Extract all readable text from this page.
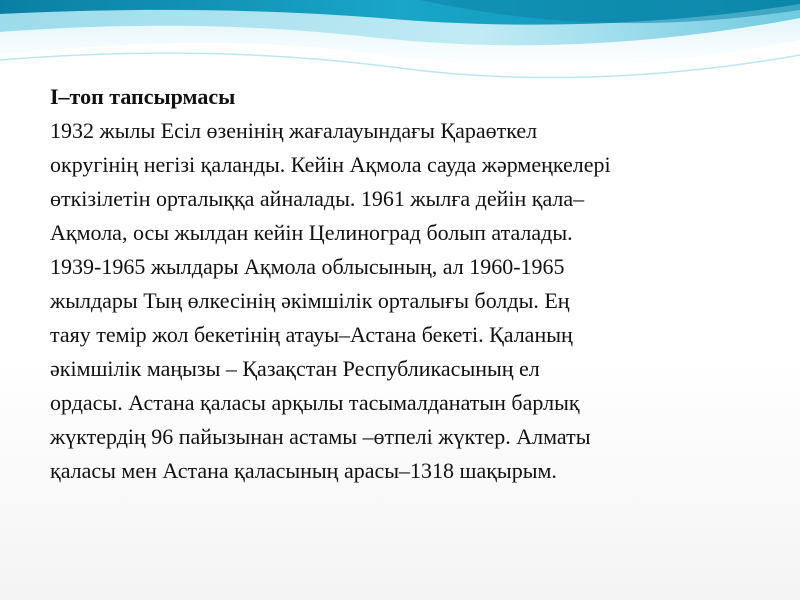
І–топ тапсырмасы
1932 жылы Есіл өзенінің жағалауындағы Қараөткел
округінің негізі қаланды. Кейін Ақмола сауда жәрмеңкелері
өткізілетін орталыққа айналады. 1961 жылға дейін қала–
Ақмола, осы жылдан кейін Целиноград болып аталады.
1939-1965 жылдары Ақмола облысының, ал 1960-1965
жылдары Тың өлкесінің әкімшілік орталығы болды. Ең
таяу темір жол бекетінің атауы–Астана бекеті. Қаланың
әкімшілік маңызы – Қазақстан Республикасының ел
ордасы. Астана қаласы арқылы тасымалданатын барлық
жүктердің 96 пайызынан астамы –өтпелі жүктер. Алматы
қаласы мен Астана қаласының арасы–1318 шақырым.
